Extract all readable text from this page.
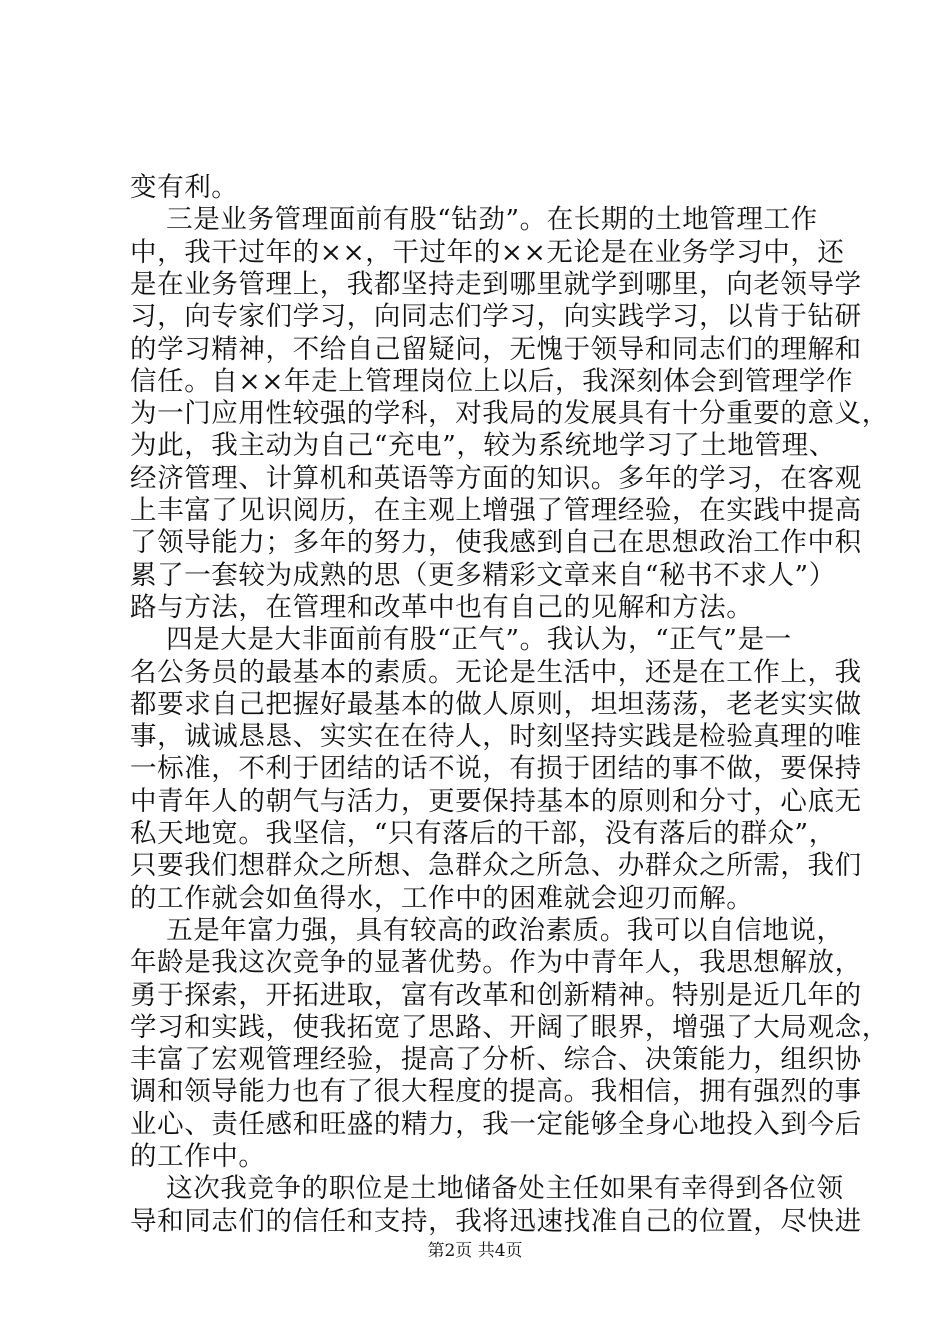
变有利。
三是业务管理面前有股“钻劲”。在长期的土地管理工作
中，我干过年的××，干过年的××无论是在业务学习中，还
是在业务管理上，我都坚持走到哪里就学到哪里，向老领导学
习，向专家们学习，向同志们学习，向实践学习，以肯于钻研
的学习精神，不给自己留疑问，无愧于领导和同志们的理解和
信任。自××年走上管理岗位上以后，我深刻体会到管理学作
为一门应用性较强的学科，对我局的发展具有十分重要的意义，
为此，我主动为自己“充电”，较为系统地学习了土地管理、
经济管理、计算机和英语等方面的知识。多年的学习，在客观
上丰富了见识阅历，在主观上增强了管理经验，在实践中提高
了领导能力；多年的努力，使我感到自己在思想政治工作中积
累了一套较为成熟的思（更多精彩文章来自“秘书不求人”）
路与方法，在管理和改革中也有自己的见解和方法。
四是大是大非面前有股“正气”。我认为，“正气”是一
名公务员的最基本的素质。无论是生活中，还是在工作上，我
都要求自己把握好最基本的做人原则，坦坦荡荡，老老实实做
事，诚诚恳恳、实实在在待人，时刻坚持实践是检验真理的唯
一标准，不利于团结的话不说，有损于团结的事不做，要保持
中青年人的朝气与活力，更要保持基本的原则和分寸，心底无
私天地宽。我坚信，“只有落后的干部，没有落后的群众”，
只要我们想群众之所想、急群众之所急、办群众之所需，我们
的工作就会如鱼得水，工作中的困难就会迎刃而解。
五是年富力强，具有较高的政治素质。我可以自信地说，
年龄是我这次竞争的显著优势。作为中青年人，我思想解放，
勇于探索，开拓进取，富有改革和创新精神。特别是近几年的
学习和实践，使我拓宽了思路、开阔了眼界，增强了大局观念，
丰富了宏观管理经验，提高了分析、综合、决策能力，组织协
调和领导能力也有了很大程度的提高。我相信，拥有强烈的事
业心、责任感和旺盛的精力，我一定能够全身心地投入到今后
的工作中。
这次我竞争的职位是土地储备处主任如果有幸得到各位领
导和同志们的信任和支持，我将迅速找准自己的位置，尽快进
第2页 共4页
